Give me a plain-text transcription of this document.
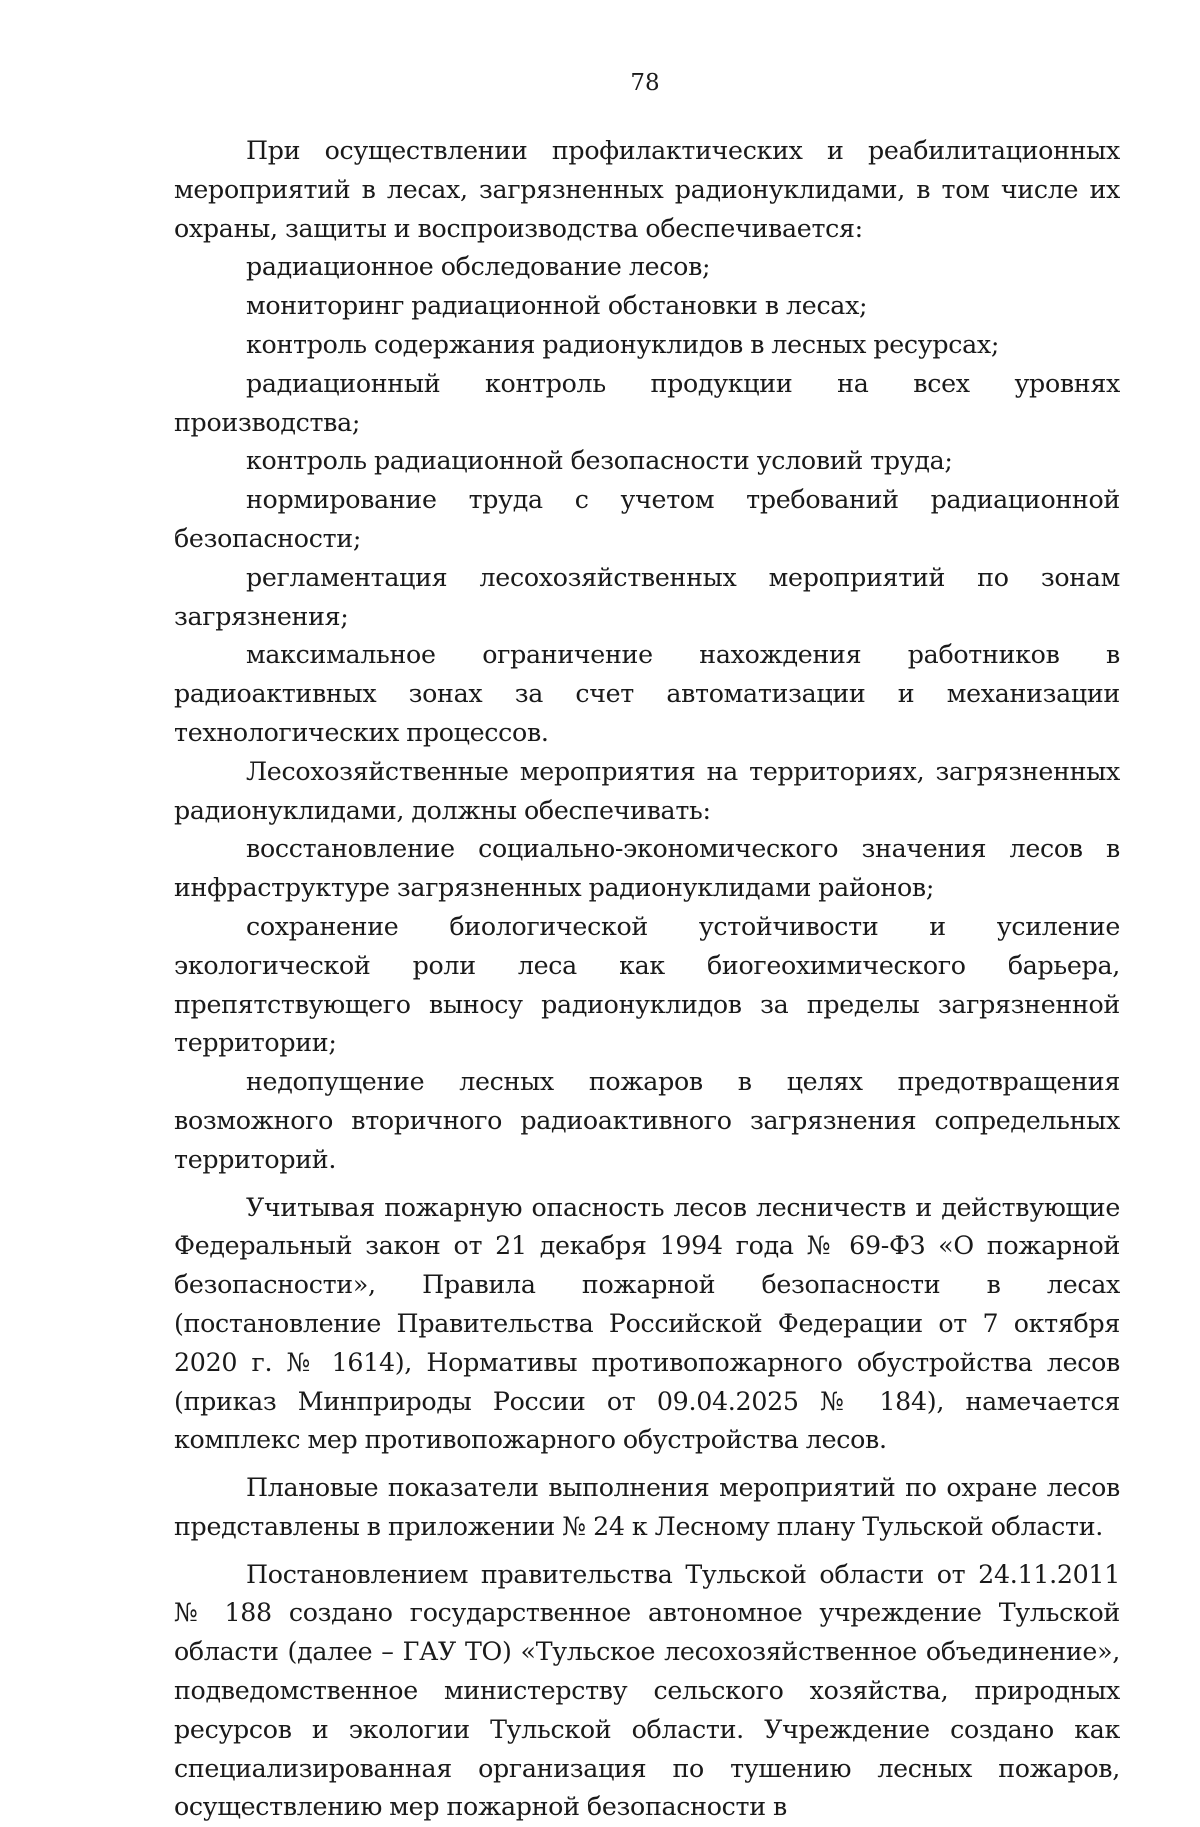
78

При осуществлении профилактических и реабилитационных мероприятий в лесах, загрязненных радионуклидами, в том числе их охраны, защиты и воспроизводства обеспечивается:

радиационное обследование лесов;

мониторинг радиационной обстановки в лесах;

контроль содержания радионуклидов в лесных ресурсах;

радиационный контроль продукции на всех уровнях производства;

контроль радиационной безопасности условий труда;

нормирование труда с учетом требований радиационной безопасности;

регламентация лесохозяйственных мероприятий по зонам загрязнения;

максимальное ограничение нахождения работников в радиоактивных зонах за счет автоматизации и механизации технологических процессов.

Лесохозяйственные мероприятия на территориях, загрязненных радионуклидами, должны обеспечивать:

восстановление социально-экономического значения лесов в инфраструктуре загрязненных радионуклидами районов;

сохранение биологической устойчивости и усиление экологической роли леса как биогеохимического барьера, препятствующего выносу радионуклидов за пределы загрязненной территории;

недопущение лесных пожаров в целях предотвращения возможного вторичного радиоактивного загрязнения сопредельных территорий.

Учитывая пожарную опасность лесов лесничеств и действующие Федеральный закон от 21 декабря 1994 года № 69-ФЗ «О пожарной безопасности», Правила пожарной безопасности в лесах (постановление Правительства Российской Федерации от 7 октября 2020 г. № 1614), Нормативы противопожарного обустройства лесов (приказ Минприроды России от 09.04.2025 № 184), намечается комплекс мер противопожарного обустройства лесов.

Плановые показатели выполнения мероприятий по охране лесов представлены в приложении № 24 к Лесному плану Тульской области.

Постановлением правительства Тульской области от 24.11.2011 № 188 создано государственное автономное учреждение Тульской области (далее – ГАУ ТО) «Тульское лесохозяйственное объединение», подведомственное министерству сельского хозяйства, природных ресурсов и экологии Тульской области. Учреждение создано как специализированная организация по тушению лесных пожаров, осуществлению мер пожарной безопасности в
